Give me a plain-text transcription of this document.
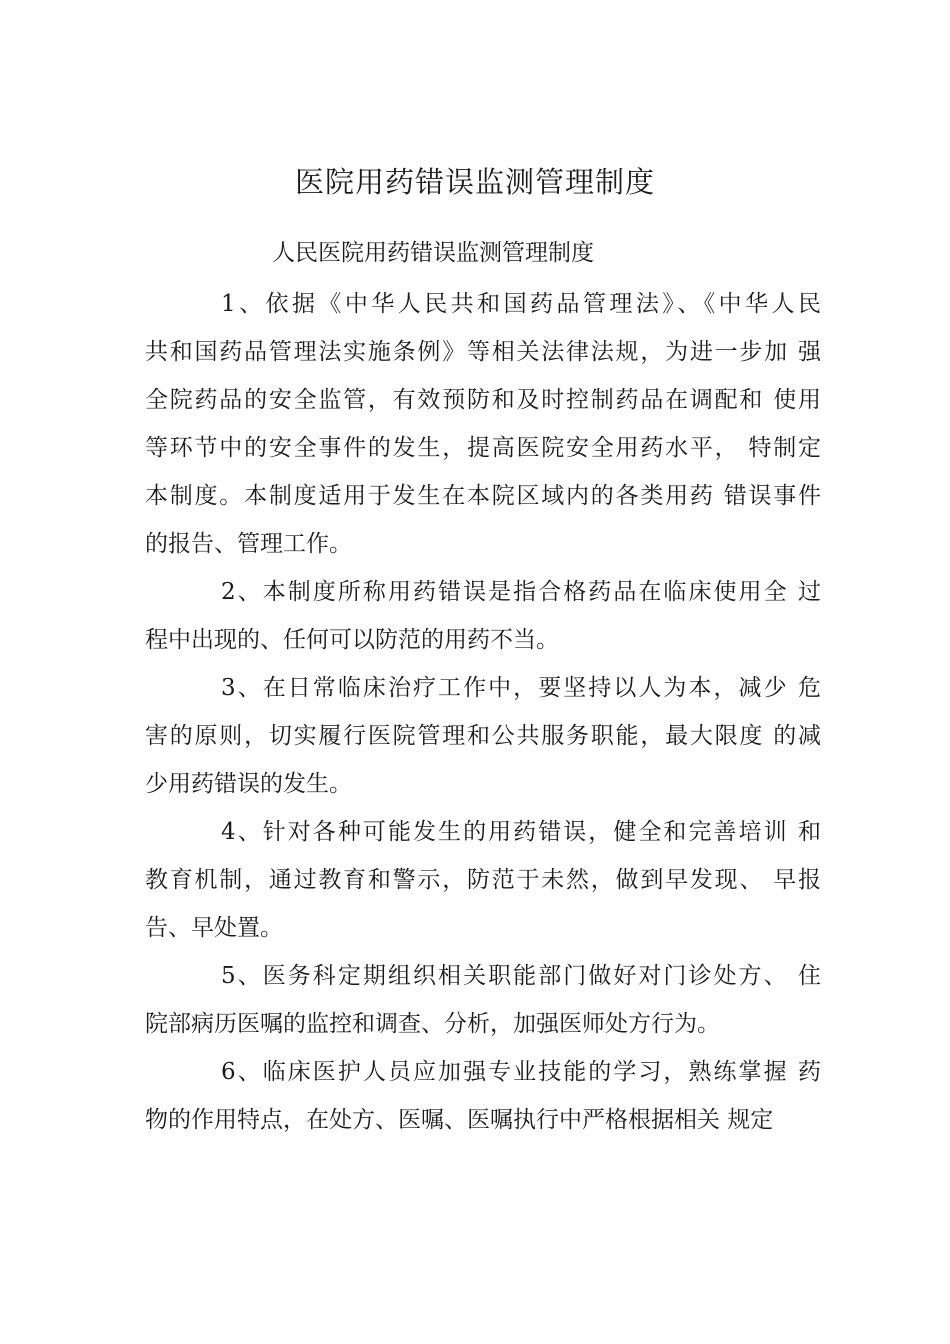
医院用药错误监测管理制度
人民医院用药错误监测管理制度

1、依据《中华人民共和国药品管理法》、《中华人民
共和国药品管理法实施条例》等相关法律法规，为进一步加 强
全院药品的安全监管，有效预防和及时控制药品在调配和 使用
等环节中的安全事件的发生，提高医院安全用药水平， 特制定
本制度。本制度适用于发生在本院区域内的各类用药 错误事件
的报告、管理工作。

2、本制度所称用药错误是指合格药品在临床使用全 过
程中出现的、任何可以防范的用药不当。

3、在日常临床治疗工作中，要坚持以人为本，减少 危
害的原则，切实履行医院管理和公共服务职能，最大限度 的减
少用药错误的发生。

4、针对各种可能发生的用药错误，健全和完善培训 和
教育机制，通过教育和警示，防范于未然，做到早发现、 早报
告、早处置。

5、医务科定期组织相关职能部门做好对门诊处方、 住
院部病历医嘱的监控和调查、分析，加强医师处方行为。

6、临床医护人员应加强专业技能的学习，熟练掌握 药
物的作用特点，在处方、医嘱、医嘱执行中严格根据相关 规定
